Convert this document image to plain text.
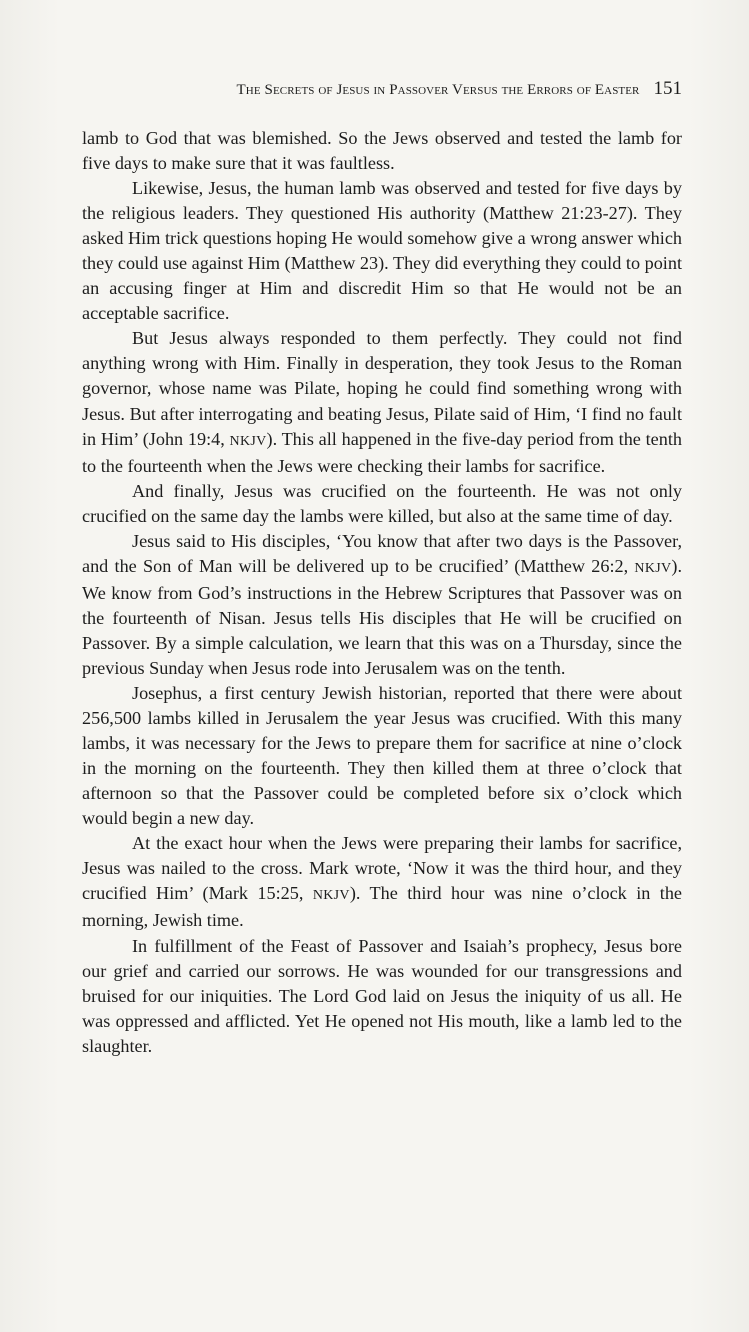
The Secrets of Jesus in Passover Versus the Errors of Easter 151

lamb to God that was blemished. So the Jews observed and tested the lamb for five days to make sure that it was faultless.

Likewise, Jesus, the human lamb was observed and tested for five days by the religious leaders. They questioned His authority (Matthew 21:23-27). They asked Him trick questions hoping He would somehow give a wrong answer which they could use against Him (Matthew 23). They did everything they could to point an accusing finger at Him and discredit Him so that He would not be an acceptable sacrifice.

But Jesus always responded to them perfectly. They could not find anything wrong with Him. Finally in desperation, they took Jesus to the Roman governor, whose name was Pilate, hoping he could find something wrong with Jesus. But after interrogating and beating Jesus, Pilate said of Him, ‘I find no fault in Him’ (John 19:4, NKJV). This all happened in the five-day period from the tenth to the fourteenth when the Jews were checking their lambs for sacrifice.

And finally, Jesus was crucified on the fourteenth. He was not only crucified on the same day the lambs were killed, but also at the same time of day.

Jesus said to His disciples, ‘You know that after two days is the Passover, and the Son of Man will be delivered up to be crucified’ (Matthew 26:2, NKJV). We know from God’s instructions in the Hebrew Scriptures that Passover was on the fourteenth of Nisan. Jesus tells His disciples that He will be crucified on Passover. By a simple calculation, we learn that this was on a Thursday, since the previous Sunday when Jesus rode into Jerusalem was on the tenth.

Josephus, a first century Jewish historian, reported that there were about 256,500 lambs killed in Jerusalem the year Jesus was crucified. With this many lambs, it was necessary for the Jews to prepare them for sacrifice at nine o’clock in the morning on the fourteenth. They then killed them at three o’clock that afternoon so that the Passover could be completed before six o’clock which would begin a new day.

At the exact hour when the Jews were preparing their lambs for sacrifice, Jesus was nailed to the cross. Mark wrote, ‘Now it was the third hour, and they crucified Him’ (Mark 15:25, NKJV). The third hour was nine o’clock in the morning, Jewish time.

In fulfillment of the Feast of Passover and Isaiah’s prophecy, Jesus bore our grief and carried our sorrows. He was wounded for our transgressions and bruised for our iniquities. The Lord God laid on Jesus the iniquity of us all. He was oppressed and afflicted. Yet He opened not His mouth, like a lamb led to the slaughter.
